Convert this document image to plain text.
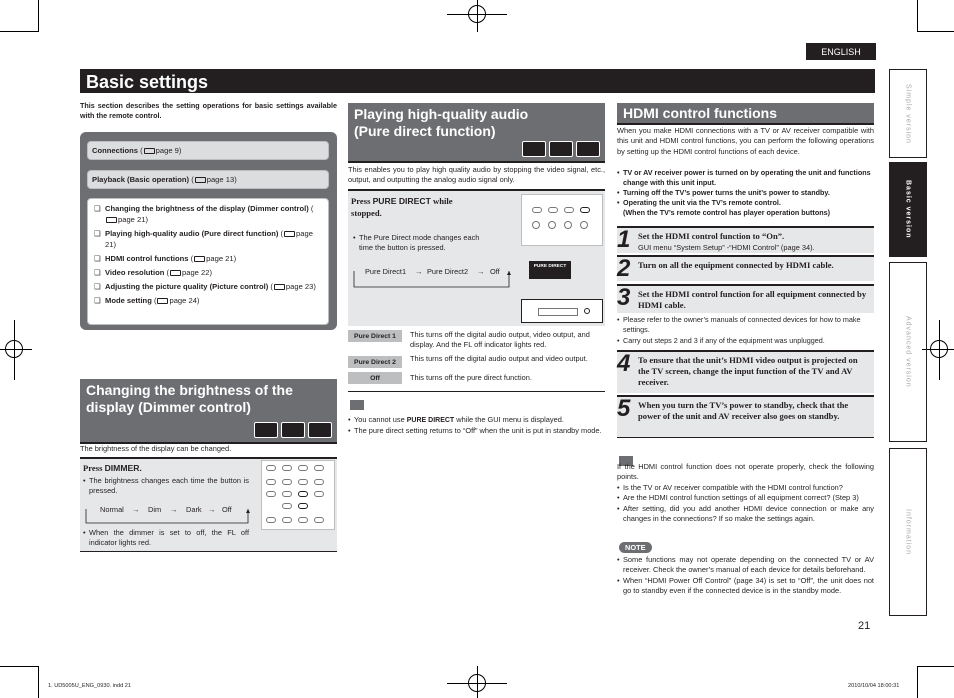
ENGLISH
Basic settings
This section describes the setting operations for basic settings available with the remote control.
Connections ( page 9)
Playback (Basic operation) ( page 13)
❏ Changing the brightness of the display (Dimmer control) (page 21)
❏ Playing high-quality audio (Pure direct function) ( page 21)
❏ HDMI control functions ( page 21)
❏ Video resolution ( page 22)
❏ Adjusting the picture quality (Picture control) ( page 23)
❏ Mode setting ( page 24)
Changing the brightness of the display (Dimmer control)
The brightness of the display can be changed.
Press DIMMER.
• The brightness changes each time the button is pressed.
Normal → Dim → Dark → Off
• When the dimmer is set to off, the FL off indicator lights red.
Playing high-quality audio (Pure direct function)
This enables you to play high quality audio by stopping the video signal, etc., output, and outputting the analog audio signal only.
Press PURE DIRECT while stopped.
• The Pure Direct mode changes each time the button is pressed.
Pure Direct1 → Pure Direct2 → Off
PURE DIRECT
Pure Direct 1	This turns off the digital audio output, video output, and display. And the FL off indicator lights red.
Pure Direct 2	This turns off the digital audio output and video output.
Off	This turns off the pure direct function.
• You cannot use PURE DIRECT while the GUI menu is displayed.
• The pure direct setting returns to “Off” when the unit is put in standby mode.
HDMI control functions
When you make HDMI connections with a TV or AV receiver compatible with this unit and HDMI control functions, you can perform the following operations by setting up the HDMI control functions of each device.
• TV or AV receiver power is turned on by operating the unit and functions change with this unit input.
• Turning off the TV’s power turns the unit’s power to standby.
• Operating the unit via the TV’s remote control.
(When the TV’s remote control has player operation buttons)
1 Set the HDMI control function to “On”.
GUI menu “System Setup” -“HDMI Control” (page 34).
2 Turn on all the equipment connected by HDMI cable.
3 Set the HDMI control function for all equipment connected by HDMI cable.
• Please refer to the owner’s manuals of connected devices for how to make settings.
• Carry out steps 2 and 3 if any of the equipment was unplugged.
4 To ensure that the unit’s HDMI video output is projected on the TV screen, change the input function of the TV and AV receiver.
5 When you turn the TV’s power to standby, check that the power of the unit and AV receiver also goes on standby.
If the HDMI control function does not operate properly, check the following points.
• Is the TV or AV receiver compatible with the HDMI control function?
• Are the HDMI control function settings of all equipment correct? (Step 3)
• After setting, did you add another HDMI device connection or make any changes in the connections? If so make the settings again.
NOTE
• Some functions may not operate depending on the connected TV or AV receiver. Check the owner’s manual of each device for details beforehand.
• When “HDMI Power Off Control” (page 34) is set to “Off”, the unit does not go to standby even if the connected device is in the standby mode.
21
Simple version
Basic version
Advanced version
Information
1. UD5005U_ENG_0930. indd 21	2010/10/04 18:00:31
